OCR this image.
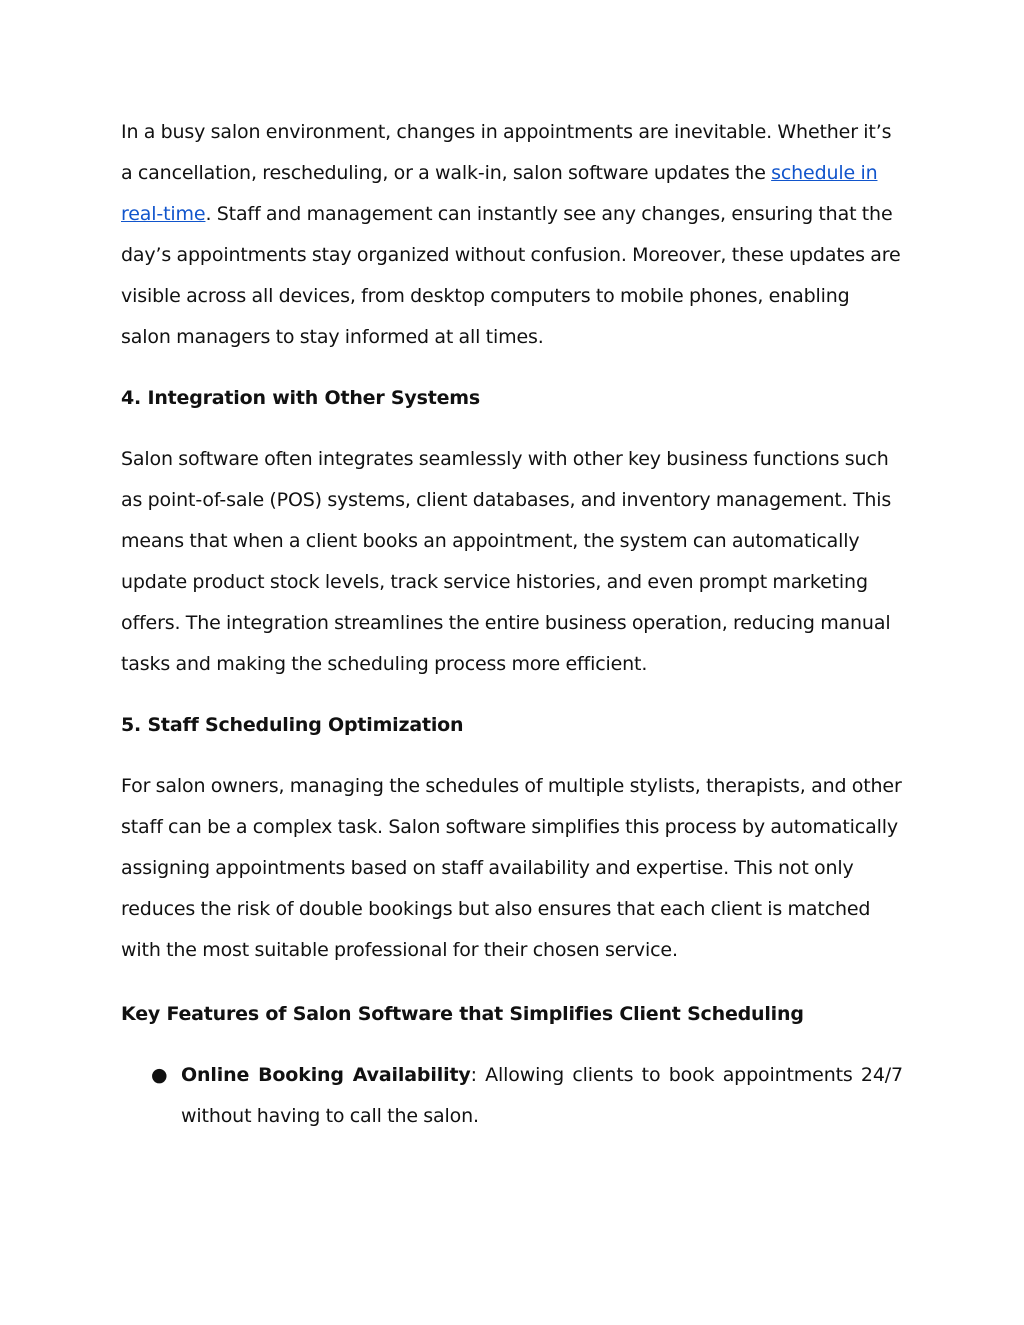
In a busy salon environment, changes in appointments are inevitable. Whether it’s a cancellation, rescheduling, or a walk-in, salon software updates the schedule in real-time. Staff and management can instantly see any changes, ensuring that the day’s appointments stay organized without confusion. Moreover, these updates are visible across all devices, from desktop computers to mobile phones, enabling salon managers to stay informed at all times.

4. Integration with Other Systems

Salon software often integrates seamlessly with other key business functions such as point-of-sale (POS) systems, client databases, and inventory management. This means that when a client books an appointment, the system can automatically update product stock levels, track service histories, and even prompt marketing offers. The integration streamlines the entire business operation, reducing manual tasks and making the scheduling process more efficient.

5. Staff Scheduling Optimization

For salon owners, managing the schedules of multiple stylists, therapists, and other staff can be a complex task. Salon software simplifies this process by automatically assigning appointments based on staff availability and expertise. This not only reduces the risk of double bookings but also ensures that each client is matched with the most suitable professional for their chosen service.

Key Features of Salon Software that Simplifies Client Scheduling
● Online Booking Availability: Allowing clients to book appointments 24/7 without having to call the salon.
